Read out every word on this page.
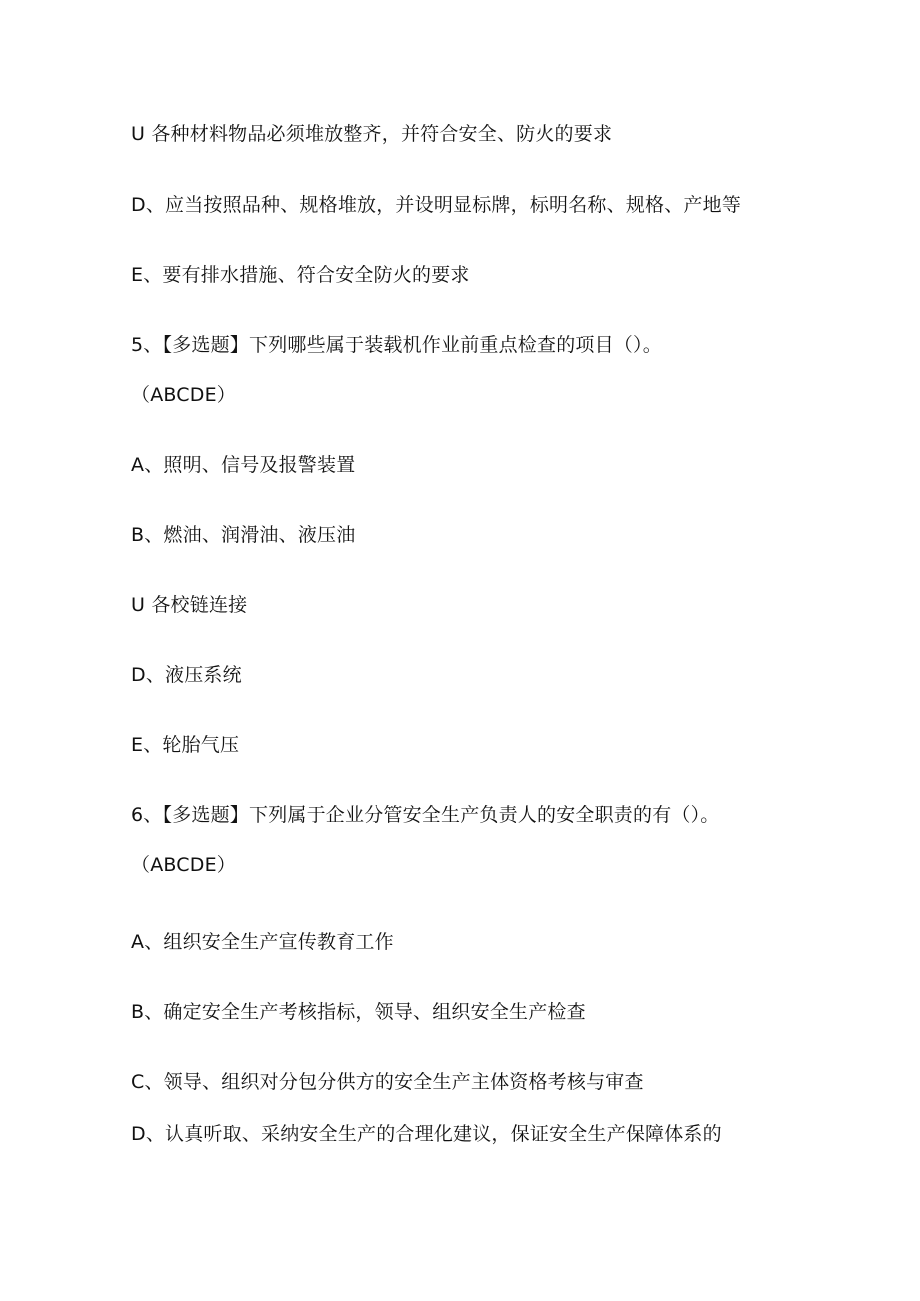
U 各种材料物品必须堆放整齐，并符合安全、防火的要求
D、应当按照品种、规格堆放，并设明显标牌，标明名称、规格、产地等
E、要有排水措施、符合安全防火的要求
5、【多选题】下列哪些属于装载机作业前重点检查的项目（）。
（ABCDE）
A、照明、信号及报警装置
B、燃油、润滑油、液压油
U 各校链连接
D、液压系统
E、轮胎气压
6、【多选题】下列属于企业分管安全生产负责人的安全职责的有（）。
（ABCDE）
A、组织安全生产宣传教育工作
B、确定安全生产考核指标，领导、组织安全生产检查
C、领导、组织对分包分供方的安全生产主体资格考核与审查
D、认真听取、采纳安全生产的合理化建议，保证安全生产保障体系的
